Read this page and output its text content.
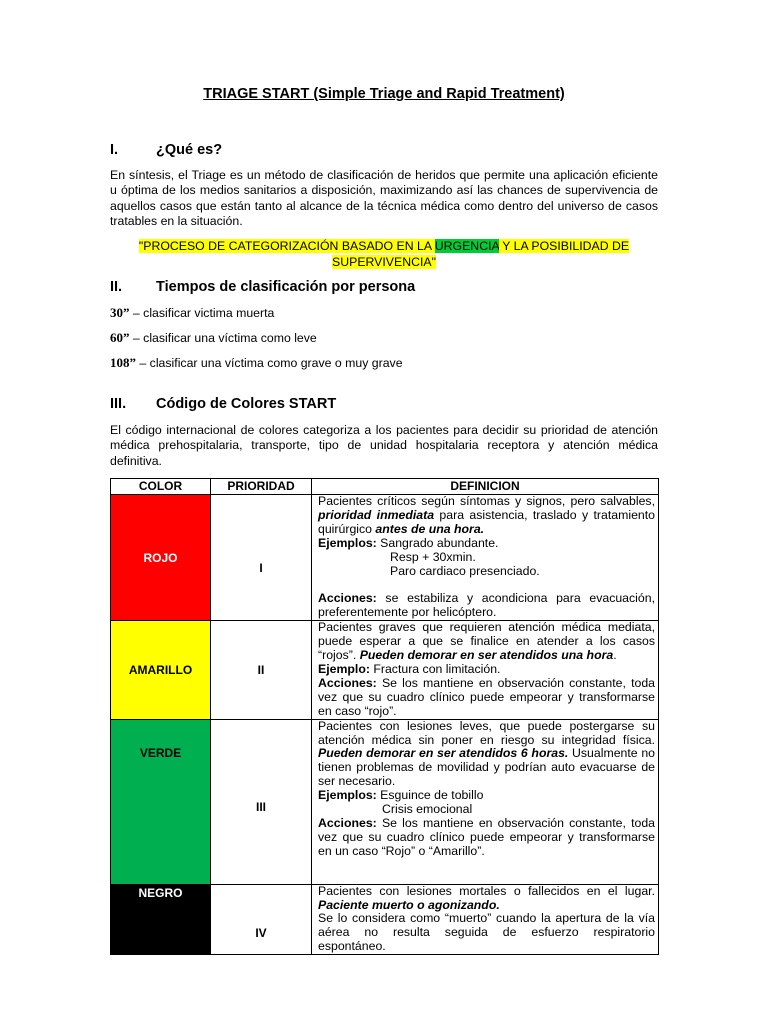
TRIAGE START (Simple Triage and Rapid Treatment)
I.	¿Qué es?
En síntesis, el Triage es un método de clasificación de heridos que permite una aplicación eficiente u óptima de los medios sanitarios a disposición, maximizando así las chances de supervivencia de aquellos casos que están tanto al alcance de la técnica médica como dentro del universo de casos tratables en la situación.
"PROCESO DE CATEGORIZACIÓN BASADO EN LA URGENCIA Y LA POSIBILIDAD DE
SUPERVIVENCIA"
II. Tiempos de clasificación por persona
30” – clasificar victima muerta
60” – clasificar una víctima como leve
108” – clasificar una víctima como grave o muy grave
III. Código de Colores START
El código internacional de colores categoriza a los pacientes para decidir su prioridad de atención médica prehospitalaria, transporte, tipo de unidad hospitalaria receptora y atención médica definitiva.
COLOR	PRIORIDAD	DEFINICION

ROJO	I	Pacientes críticos según síntomas y signos, pero salvables, prioridad inmediata para asistencia, traslado y tratamiento quirúrgico antes de una hora.
Ejemplos: Sangrado abundante.
Resp + 30xmin.
Paro cardiaco presenciado.
Acciones: se estabiliza y acondiciona para evacuación, preferentemente por helicóptero.

AMARILLO	II	Pacientes graves que requieren atención médica mediata, puede esperar a que se finalice en atender a los casos “rojos”. Pueden demorar en ser atendidos una hora.
Ejemplo: Fractura con limitación.
Acciones: Se los mantiene en observación constante, toda vez que su cuadro clínico puede empeorar y transformarse en caso “rojo”.

VERDE	III	Pacientes con lesiones leves, que puede postergarse su atención médica sin poner en riesgo su integridad física. Pueden demorar en ser atendidos 6 horas. Usualmente no tienen problemas de movilidad y podrían auto evacuarse de ser necesario.
Ejemplos: Esguince de tobillo
Crisis emocional
Acciones: Se los mantiene en observación constante, toda vez que su cuadro clínico puede empeorar y transformarse en un caso “Rojo” o “Amarillo”.

NEGRO	IV	Pacientes con lesiones mortales o fallecidos en el lugar. Paciente muerto o agonizando.
Se lo considera como “muerto” cuando la apertura de la vía aérea no resulta seguida de esfuerzo respiratorio espontáneo.
